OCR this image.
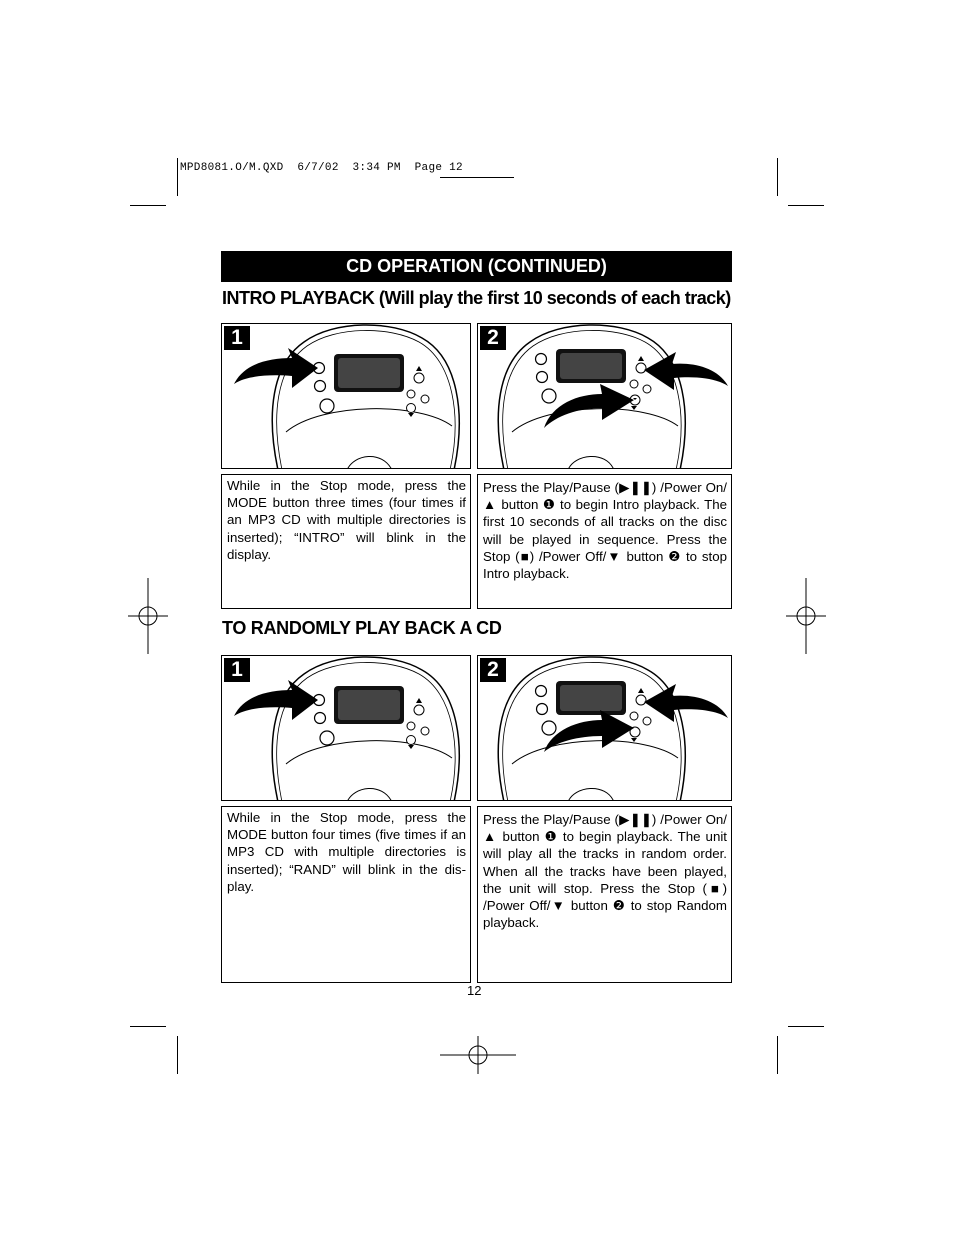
MPD8081.O/M.QXD  6/7/02  3:34 PM  Page 12
CD OPERATION (CONTINUED)
INTRO PLAYBACK (Will play the first 10 seconds of each track)
1	2

While in the Stop mode, press the MODE button three times (four times if an MP3 CD with multiple directories is inserted); “INTRO” will blink in the display.

Press the Play/Pause (▶❚❚) /Power On/▲ button ❶ to begin Intro playback. The first 10 seconds of all tracks on the disc will be played in sequence. Press the Stop (■) /Power Off/▼ button ❷ to stop Intro playback.

TO RANDOMLY PLAY BACK A CD
1	2

While in the Stop mode, press the MODE button four times (five times if an MP3 CD with multiple directories is inserted); “RAND” will blink in the dis-play.

Press the Play/Pause (▶❚❚) /Power On/▲ button ❶ to begin playback. The unit will play all the tracks in random order. When all the tracks have been played, the unit will stop. Press the Stop (■) /Power Off/▼ button ❷ to stop Random playback.

12
